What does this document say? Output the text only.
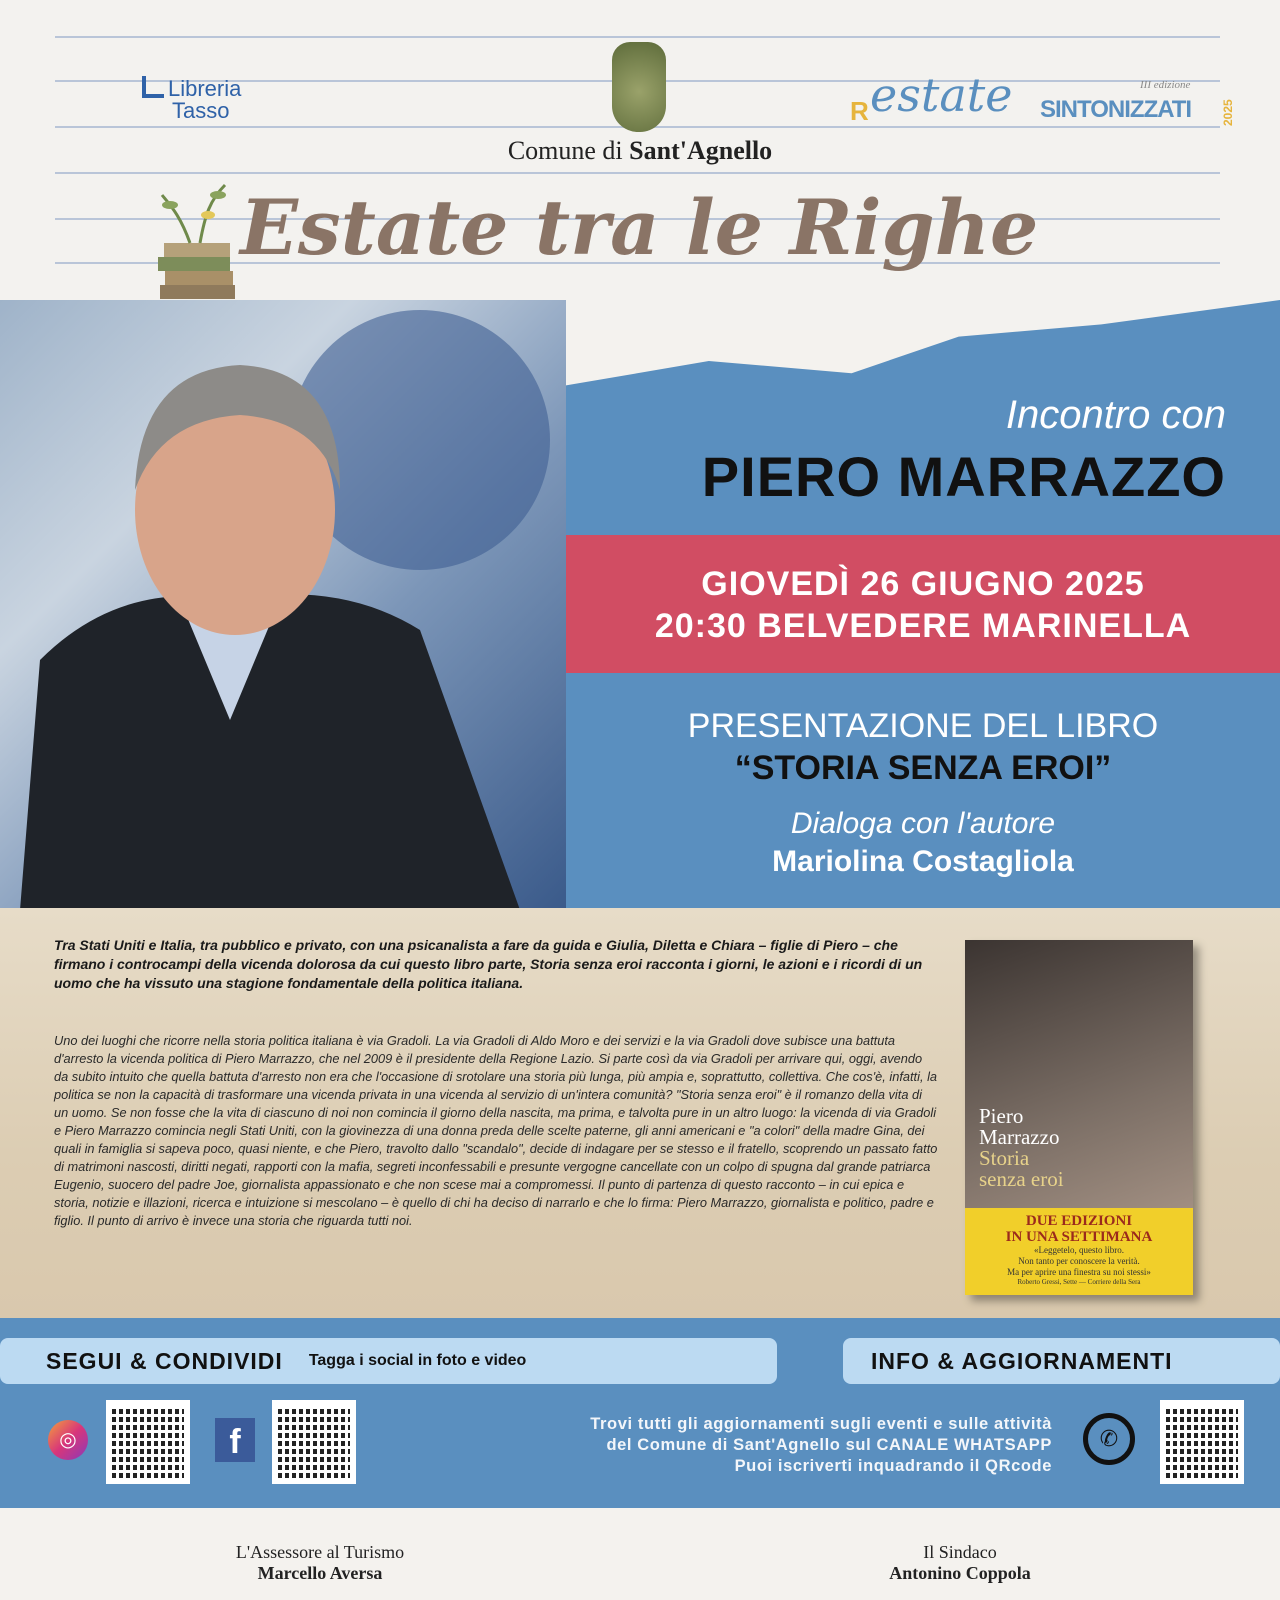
Libreria
Tasso
Comune di Sant'Agnello
R estate	III edizione
SINTONIZZATI 2025
Estate tra le Righe
Incontro con
PIERO MARRAZZO
GIOVEDÌ 26 GIUGNO 2025
20:30 BELVEDERE MARINELLA
PRESENTAZIONE DEL LIBRO
“STORIA SENZA EROI”
Dialoga con l'autore
Mariolina Costagliola

Tra Stati Uniti e Italia, tra pubblico e privato, con una psicanalista a fare da guida e Giulia, Diletta e Chiara – figlie di Piero – che firmano i controcampi della vicenda dolorosa da cui questo libro parte, Storia senza eroi racconta i giorni, le azioni e i ricordi di un uomo che ha vissuto una stagione fondamentale della politica italiana.

Uno dei luoghi che ricorre nella storia politica italiana è via Gradoli. La via Gradoli di Aldo Moro e dei servizi e la via Gradoli dove subisce una battuta d'arresto la vicenda politica di Piero Marrazzo, che nel 2009 è il presidente della Regione Lazio. Si parte così da via Gradoli per arrivare qui, oggi, avendo da subito intuito che quella battuta d'arresto non era che l'occasione di srotolare una storia più lunga, più ampia e, soprattutto, collettiva. Che cos'è, infatti, la politica se non la capacità di trasformare una vicenda privata in una vicenda al servizio di un'intera comunità? "Storia senza eroi" è il romanzo della vita di un uomo. Se non fosse che la vita di ciascuno di noi non comincia il giorno della nascita, ma prima, e talvolta pure in un altro luogo: la vicenda di via Gradoli e Piero Marrazzo comincia negli Stati Uniti, con la giovinezza di una donna preda delle scelte paterne, gli anni americani e "a colori" della madre Gina, dei quali in famiglia si sapeva poco, quasi niente, e che Piero, travolto dallo "scandalo", decide di indagare per se stesso e il fratello, scoprendo un passato fatto di matrimoni nascosti, diritti negati, rapporti con la mafia, segreti inconfessabili e presunte vergogne cancellate con un colpo di spugna dal grande patriarca Eugenio, suocero del padre Joe, giornalista appassionato e che non scese mai a compromessi. Il punto di partenza di questo racconto – in cui epica e storia, notizie e illazioni, ricerca e intuizione si mescolano – è quello di chi ha deciso di narrarlo e che lo firma: Piero Marrazzo, giornalista e politico, padre e figlio. Il punto di arrivo è invece una storia che riguarda tutti noi.

Piero
Marrazzo
Storia
senza eroi
DUE EDIZIONI
IN UNA SETTIMANA
«Leggetelo, questo libro.
Non tanto per conoscere la verità.
Ma per aprire una finestra su noi stessi»
Roberto Gressi, Sette — Corriere della Sera
SEGUI & CONDIVIDI Tagga i social in foto e video	INFO & AGGIORNAMENTI
◎	f	Trovi tutti gli aggiornamenti sugli eventi e sulle attività
del Comune di Sant'Agnello sul CANALE WHATSAPP
Puoi iscriverti inquadrando il QRcode
✆
L'Assessore al Turismo
Marcello Aversa
Il Sindaco
Antonino Coppola
